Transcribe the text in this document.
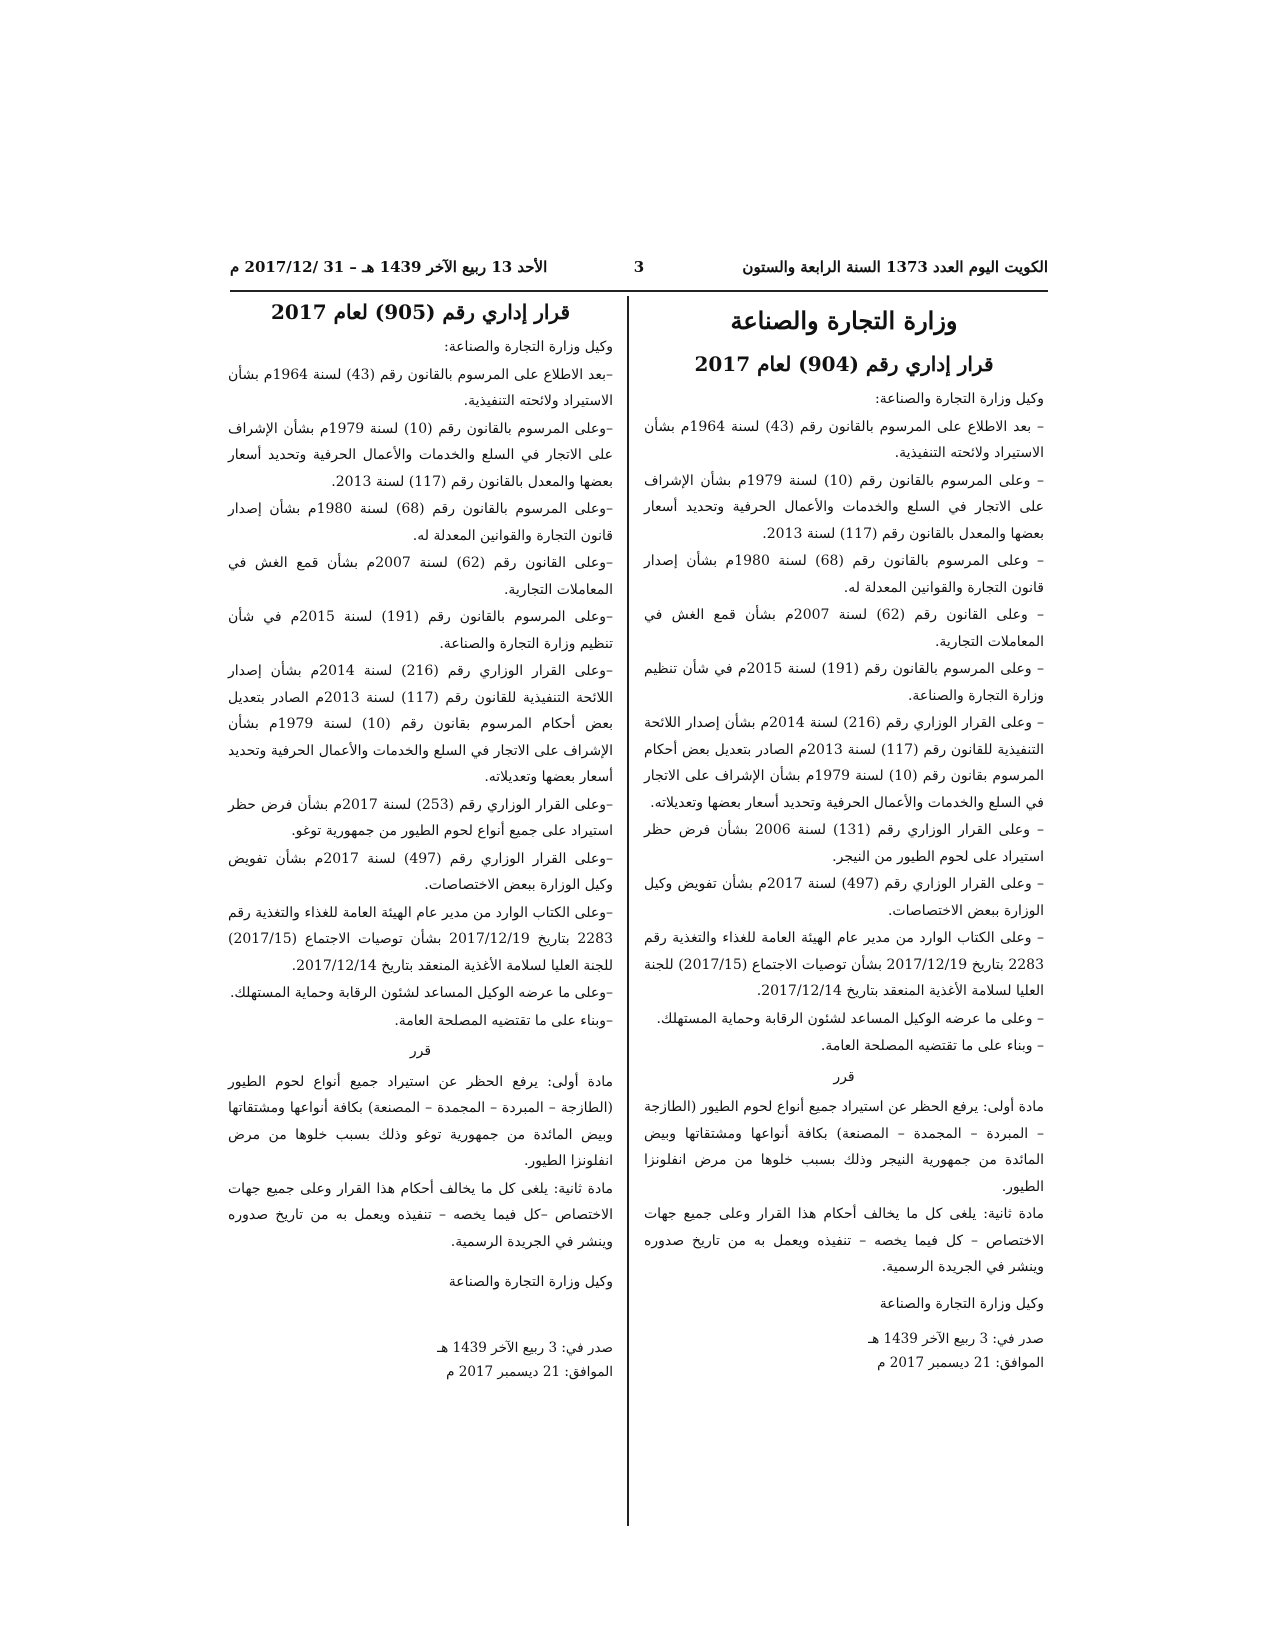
الكويت اليوم العدد 1373 السنة الرابعة والستون
3
الأحد 13 ربيع الآخر 1439 هـ – 31 /2017/12 م
وزارة التجارة والصناعة
قرار إداري رقم (904) لعام 2017

وكيل وزارة التجارة والصناعة:

– بعد الاطلاع على المرسوم بالقانون رقم (43) لسنة 1964م بشأن الاستيراد ولائحته التنفيذية.

– وعلى المرسوم بالقانون رقم (10) لسنة 1979م بشأن الإشراف على الاتجار في السلع والخدمات والأعمال الحرفية وتحديد أسعار بعضها والمعدل بالقانون رقم (117) لسنة 2013.

– وعلى المرسوم بالقانون رقم (68) لسنة 1980م بشأن إصدار قانون التجارة والقوانين المعدلة له.

– وعلى القانون رقم (62) لسنة 2007م بشأن قمع الغش في المعاملات التجارية.

– وعلى المرسوم بالقانون رقم (191) لسنة 2015م في شأن تنظيم وزارة التجارة والصناعة.

– وعلى القرار الوزاري رقم (216) لسنة 2014م بشأن إصدار اللائحة التنفيذية للقانون رقم (117) لسنة 2013م الصادر بتعديل بعض أحكام المرسوم بقانون رقم (10) لسنة 1979م بشأن الإشراف على الاتجار في السلع والخدمات والأعمال الحرفية وتحديد أسعار بعضها وتعديلاته.

– وعلى القرار الوزاري رقم (131) لسنة 2006 بشأن فرض حظر استيراد على لحوم الطيور من النيجر.

– وعلى القرار الوزاري رقم (497) لسنة 2017م بشأن تفويض وكيل الوزارة ببعض الاختصاصات.

– وعلى الكتاب الوارد من مدير عام الهيئة العامة للغذاء والتغذية رقم 2283 بتاريخ 2017/12/19 بشأن توصيات الاجتماع (2017/15) للجنة العليا لسلامة الأغذية المنعقد بتاريخ 2017/12/14.

– وعلى ما عرضه الوكيل المساعد لشئون الرقابة وحماية المستهلك.

– وبناء على ما تقتضيه المصلحة العامة.

قرر

مادة أولى: يرفع الحظر عن استيراد جميع أنواع لحوم الطيور (الطازجة – المبردة – المجمدة – المصنعة) بكافة أنواعها ومشتقاتها وبيض المائدة من جمهورية النيجر وذلك بسبب خلوها من مرض انفلونزا الطيور.

مادة ثانية: يلغى كل ما يخالف أحكام هذا القرار وعلى جميع جهات الاختصاص – كل فيما يخصه – تنفيذه ويعمل به من تاريخ صدوره وينشر في الجريدة الرسمية.

وكيل وزارة التجارة والصناعة

صدر في: 3 ربيع الآخر 1439 هـ
الموافق: 21 ديسمبر 2017 م
قرار إداري رقم (905) لعام 2017

وكيل وزارة التجارة والصناعة:

–بعد الاطلاع على المرسوم بالقانون رقم (43) لسنة 1964م بشأن الاستيراد ولائحته التنفيذية.

–وعلى المرسوم بالقانون رقم (10) لسنة 1979م بشأن الإشراف على الاتجار في السلع والخدمات والأعمال الحرفية وتحديد أسعار بعضها والمعدل بالقانون رقم (117) لسنة 2013.

–وعلى المرسوم بالقانون رقم (68) لسنة 1980م بشأن إصدار قانون التجارة والقوانين المعدلة له.

–وعلى القانون رقم (62) لسنة 2007م بشأن قمع الغش في المعاملات التجارية.

–وعلى المرسوم بالقانون رقم (191) لسنة 2015م في شأن تنظيم وزارة التجارة والصناعة.

–وعلى القرار الوزاري رقم (216) لسنة 2014م بشأن إصدار اللائحة التنفيذية للقانون رقم (117) لسنة 2013م الصادر بتعديل بعض أحكام المرسوم بقانون رقم (10) لسنة 1979م بشأن الإشراف على الاتجار في السلع والخدمات والأعمال الحرفية وتحديد أسعار بعضها وتعديلاته.

–وعلى القرار الوزاري رقم (253) لسنة 2017م بشأن فرض حظر استيراد على جميع أنواع لحوم الطيور من جمهورية توغو.

–وعلى القرار الوزاري رقم (497) لسنة 2017م بشأن تفويض وكيل الوزارة ببعض الاختصاصات.

–وعلى الكتاب الوارد من مدير عام الهيئة العامة للغذاء والتغذية رقم 2283 بتاريخ 2017/12/19 بشأن توصيات الاجتماع (2017/15) للجنة العليا لسلامة الأغذية المنعقد بتاريخ 2017/12/14.

–وعلى ما عرضه الوكيل المساعد لشئون الرقابة وحماية المستهلك.

–وبناء على ما تقتضيه المصلحة العامة.

قرر

مادة أولى: يرفع الحظر عن استيراد جميع أنواع لحوم الطيور (الطازجة – المبردة – المجمدة – المصنعة) بكافة أنواعها ومشتقاتها وبيض المائدة من جمهورية توغو وذلك بسبب خلوها من مرض انفلونزا الطيور.

مادة ثانية: يلغى كل ما يخالف أحكام هذا القرار وعلى جميع جهات الاختصاص –كل فيما يخصه – تنفيذه ويعمل به من تاريخ صدوره وينشر في الجريدة الرسمية.

وكيل وزارة التجارة والصناعة

صدر في: 3 ربيع الآخر 1439 هـ
الموافق: 21 ديسمبر 2017 م
